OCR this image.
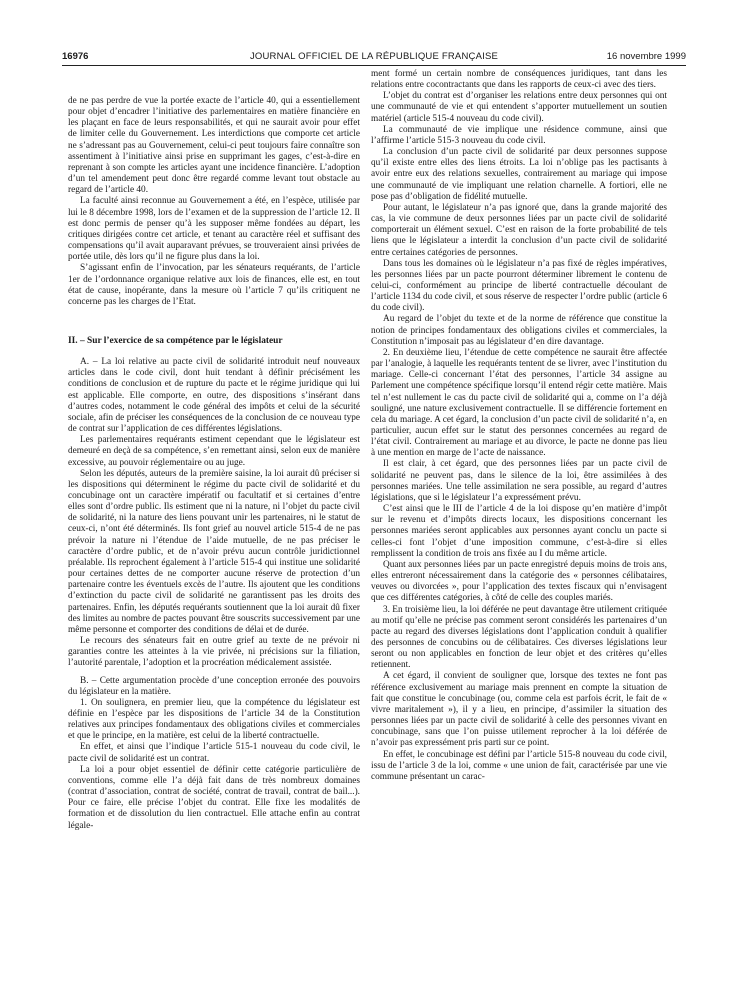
16976	JOURNAL OFFICIEL DE LA RÉPUBLIQUE FRANÇAISE	16 novembre 1999

de ne pas perdre de vue la portée exacte de l’article 40, qui a essentiellement pour objet d’encadrer l’initiative des parlementaires en matière financière en les plaçant en face de leurs responsabilités, et qui ne saurait avoir pour effet de limiter celle du Gouvernement. Les interdictions que comporte cet article ne s’adressant pas au Gouvernement, celui-ci peut toujours faire connaître son assentiment à l’initiative ainsi prise en supprimant les gages, c’est-à-dire en reprenant à son compte les articles ayant une incidence financière. L’adoption d’un tel amendement peut donc être regardé comme levant tout obstacle au regard de l’article 40.

La faculté ainsi reconnue au Gouvernement a été, en l’espèce, utilisée par lui le 8 décembre 1998, lors de l’examen et de la suppression de l’article 12. Il est donc permis de penser qu’à les supposer même fondées au départ, les critiques dirigées contre cet article, et tenant au caractère réel et suffisant des compensations qu’il avait auparavant prévues, se trouveraient ainsi privées de portée utile, dès lors qu’il ne figure plus dans la loi.

S’agissant enfin de l’invocation, par les sénateurs requérants, de l’article 1er de l’ordonnance organique relative aux lois de finances, elle est, en tout état de cause, inopérante, dans la mesure où l’article 7 qu’ils critiquent ne concerne pas les charges de l’Etat.

II. – Sur l’exercice de sa compétence par le législateur

A. – La loi relative au pacte civil de solidarité introduit neuf nouveaux articles dans le code civil, dont huit tendant à définir précisément les conditions de conclusion et de rupture du pacte et le régime juridique qui lui est applicable. Elle comporte, en outre, des dispositions s’insérant dans d’autres codes, notamment le code général des impôts et celui de la sécurité sociale, afin de préciser les conséquences de la conclusion de ce nouveau type de contrat sur l’application de ces différentes législations.

Les parlementaires requérants estiment cependant que le législateur est demeuré en deçà de sa compétence, s’en remettant ainsi, selon eux de manière excessive, au pouvoir réglementaire ou au juge.

Selon les députés, auteurs de la première saisine, la loi aurait dû préciser si les dispositions qui déterminent le régime du pacte civil de solidarité et du concubinage ont un caractère impératif ou facultatif et si certaines d’entre elles sont d’ordre public. Ils estiment que ni la nature, ni l’objet du pacte civil de solidarité, ni la nature des liens pouvant unir les partenaires, ni le statut de ceux-ci, n’ont été déterminés. Ils font grief au nouvel article 515-4 de ne pas prévoir la nature ni l’étendue de l’aide mutuelle, de ne pas préciser le caractère d’ordre public, et de n’avoir prévu aucun contrôle juridictionnel préalable. Ils reprochent également à l’article 515-4 qui institue une solidarité pour certaines dettes de ne comporter aucune réserve de protection d’un partenaire contre les éventuels excès de l’autre. Ils ajoutent que les conditions d’extinction du pacte civil de solidarité ne garantissent pas les droits des partenaires. Enfin, les députés requérants soutiennent que la loi aurait dû fixer des limites au nombre de pactes pouvant être souscrits successivement par une même personne et comporter des conditions de délai et de durée.

Le recours des sénateurs fait en outre grief au texte de ne prévoir ni garanties contre les atteintes à la vie privée, ni précisions sur la filiation, l’autorité parentale, l’adoption et la procréation médicalement assistée.

B. – Cette argumentation procède d’une conception erronée des pouvoirs du législateur en la matière.

1. On soulignera, en premier lieu, que la compétence du législateur est définie en l’espèce par les dispositions de l’article 34 de la Constitution relatives aux principes fondamentaux des obligations civiles et commerciales et que le principe, en la matière, est celui de la liberté contractuelle.

En effet, et ainsi que l’indique l’article 515-1 nouveau du code civil, le pacte civil de solidarité est un contrat.

La loi a pour objet essentiel de définir cette catégorie particulière de conventions, comme elle l’a déjà fait dans de très nombreux domaines (contrat d’association, contrat de société, contrat de travail, contrat de bail...). Pour ce faire, elle précise l’objet du contrat. Elle fixe les modalités de formation et de dissolution du lien contractuel. Elle attache enfin au contrat légale-

ment formé un certain nombre de conséquences juridiques, tant dans les relations entre cocontractants que dans les rapports de ceux-ci avec des tiers.

L’objet du contrat est d’organiser les relations entre deux personnes qui ont une communauté de vie et qui entendent s’apporter mutuellement un soutien matériel (article 515-4 nouveau du code civil).

La communauté de vie implique une résidence commune, ainsi que l’affirme l’article 515-3 nouveau du code civil.

La conclusion d’un pacte civil de solidarité par deux personnes suppose qu’il existe entre elles des liens étroits. La loi n’oblige pas les pactisants à avoir entre eux des relations sexuelles, contrairement au mariage qui impose une communauté de vie impliquant une relation charnelle. A fortiori, elle ne pose pas d’obligation de fidélité mutuelle.

Pour autant, le législateur n’a pas ignoré que, dans la grande majorité des cas, la vie commune de deux personnes liées par un pacte civil de solidarité comporterait un élément sexuel. C’est en raison de la forte probabilité de tels liens que le législateur a interdit la conclusion d’un pacte civil de solidarité entre certaines catégories de personnes.

Dans tous les domaines où le législateur n’a pas fixé de règles impératives, les personnes liées par un pacte pourront déterminer librement le contenu de celui-ci, conformément au principe de liberté contractuelle découlant de l’article 1134 du code civil, et sous réserve de respecter l’ordre public (article 6 du code civil).

Au regard de l’objet du texte et de la norme de référence que constitue la notion de principes fondamentaux des obligations civiles et commerciales, la Constitution n’imposait pas au législateur d’en dire davantage.

2. En deuxième lieu, l’étendue de cette compétence ne saurait être affectée par l’analogie, à laquelle les requérants tentent de se livrer, avec l’institution du mariage. Celle-ci concernant l’état des personnes, l’article 34 assigne au Parlement une compétence spécifique lorsqu’il entend régir cette matière. Mais tel n’est nullement le cas du pacte civil de solidarité qui a, comme on l’a déjà souligné, une nature exclusivement contractuelle. Il se différencie fortement en cela du mariage. A cet égard, la conclusion d’un pacte civil de solidarité n’a, en particulier, aucun effet sur le statut des personnes concernées au regard de l’état civil. Contrairement au mariage et au divorce, le pacte ne donne pas lieu à une mention en marge de l’acte de naissance.

Il est clair, à cet égard, que des personnes liées par un pacte civil de solidarité ne peuvent pas, dans le silence de la loi, être assimilées à des personnes mariées. Une telle assimilation ne sera possible, au regard d’autres législations, que si le législateur l’a expressément prévu.

C’est ainsi que le III de l’article 4 de la loi dispose qu’en matière d’impôt sur le revenu et d’impôts directs locaux, les dispositions concernant les personnes mariées seront applicables aux personnes ayant conclu un pacte si celles-ci font l’objet d’une imposition commune, c’est-à-dire si elles remplissent la condition de trois ans fixée au I du même article.

Quant aux personnes liées par un pacte enregistré depuis moins de trois ans, elles entreront nécessairement dans la catégorie des « personnes célibataires, veuves ou divorcées », pour l’application des textes fiscaux qui n’envisagent que ces différentes catégories, à côté de celle des couples mariés.

3. En troisième lieu, la loi déférée ne peut davantage être utilement critiquée au motif qu’elle ne précise pas comment seront considérés les partenaires d’un pacte au regard des diverses législations dont l’application conduit à qualifier des personnes de concubins ou de célibataires. Ces diverses législations leur seront ou non applicables en fonction de leur objet et des critères qu’elles retiennent.

A cet égard, il convient de souligner que, lorsque des textes ne font pas référence exclusivement au mariage mais prennent en compte la situation de fait que constitue le concubinage (ou, comme cela est parfois écrit, le fait de « vivre maritalement »), il y a lieu, en principe, d’assimiler la situation des personnes liées par un pacte civil de solidarité à celle des personnes vivant en concubinage, sans que l’on puisse utilement reprocher à la loi déférée de n’avoir pas expressément pris parti sur ce point.

En effet, le concubinage est défini par l’article 515-8 nouveau du code civil, issu de l’article 3 de la loi, comme « une union de fait, caractérisée par une vie commune présentant un carac-
